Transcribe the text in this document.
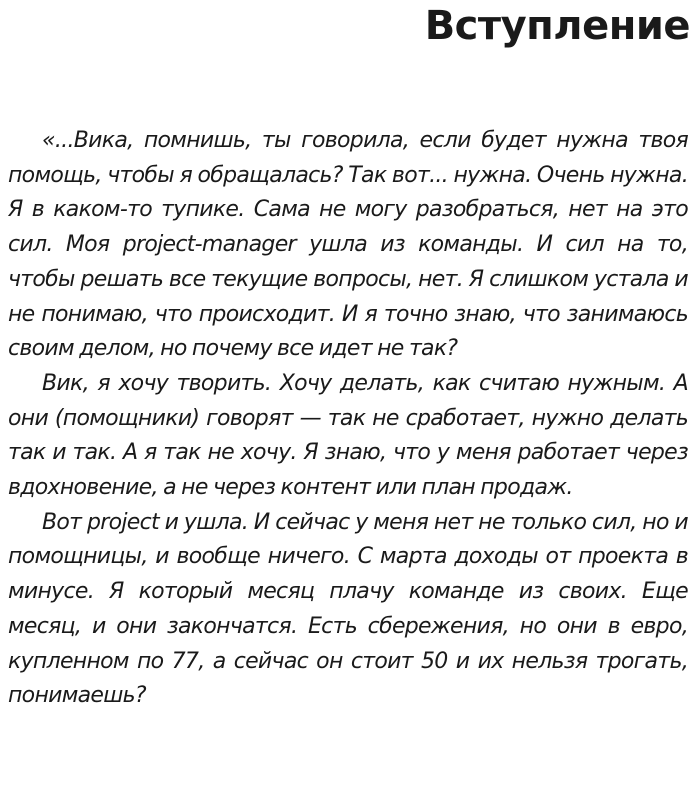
Вступление

«...Вика, помнишь, ты говорила, если будет нужна твоя помощь, чтобы я обращалась? Так вот... нужна. Очень нужна. Я в каком-то тупике. Сама не могу разобраться, нет на это сил. Моя project-manager ушла из команды. И сил на то, чтобы решать все текущие вопросы, нет. Я слишком устала и не понимаю, что происходит. И я точно знаю, что занимаюсь своим делом, но почему все идет не так?

Вик, я хочу творить. Хочу делать, как считаю нужным. А они (помощники) говорят — так не сработает, нужно делать так и так. А я так не хочу. Я знаю, что у меня работает через вдохновение, а не через контент или план продаж.

Вот project и ушла. И сейчас у меня нет не только сил, но и помощницы, и вообще ничего. С марта доходы от проекта в минусе. Я который месяц плачу команде из своих. Еще месяц, и они закончатся. Есть сбережения, но они в евро, купленном по 77, а сейчас он стоит 50 и их нельзя трогать, понимаешь?
